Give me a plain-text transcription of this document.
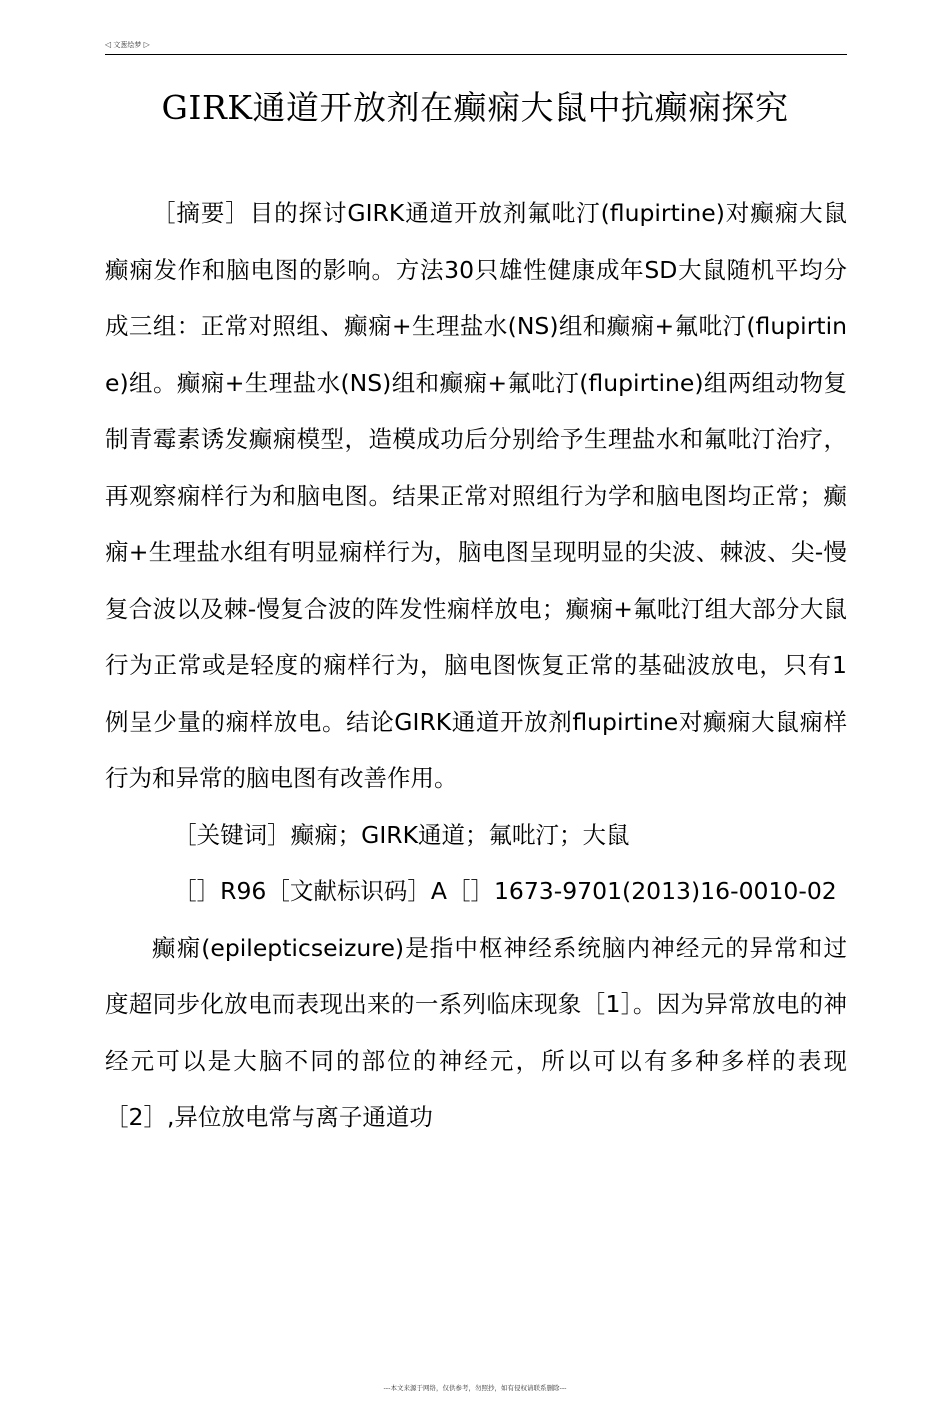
◁ 文葱绘梦 ▷
GIRK通道开放剂在癫痫大鼠中抗癫痫探究

［摘要］目的探讨GIRK通道开放剂氟吡汀(flupirtine)对癫痫大鼠癫痫发作和脑电图的影响。方法30只雄性健康成年SD大鼠随机平均分成三组：正常对照组、癫痫+生理盐水(NS)组和癫痫+氟吡汀(flupirtine)组。癫痫+生理盐水(NS)组和癫痫+氟吡汀(flupirtine)组两组动物复制青霉素诱发癫痫模型，造模成功后分别给予生理盐水和氟吡汀治疗，再观察痫样行为和脑电图。结果正常对照组行为学和脑电图均正常；癫痫+生理盐水组有明显痫样行为，脑电图呈现明显的尖波、棘波、尖-慢复合波以及棘-慢复合波的阵发性痫样放电；癫痫+氟吡汀组大部分大鼠行为正常或是轻度的痫样行为，脑电图恢复正常的基础波放电，只有1例呈少量的痫样放电。结论GIRK通道开放剂flupirtine对癫痫大鼠痫样行为和异常的脑电图有改善作用。

［关键词］癫痫；GIRK通道；氟吡汀；大鼠

［］R96［文献标识码］A［］1673-9701(2013)16-0010-02

癫痫(epilepticseizure)是指中枢神经系统脑内神经元的异常和过度超同步化放电而表现出来的一系列临床现象［1］。因为异常放电的神经元可以是大脑不同的部位的神经元，所以可以有多种多样的表现［2］,异位放电常与离子通道功

---本文来源于网络，仅供参考，勿照抄，如有侵权请联系删除---
